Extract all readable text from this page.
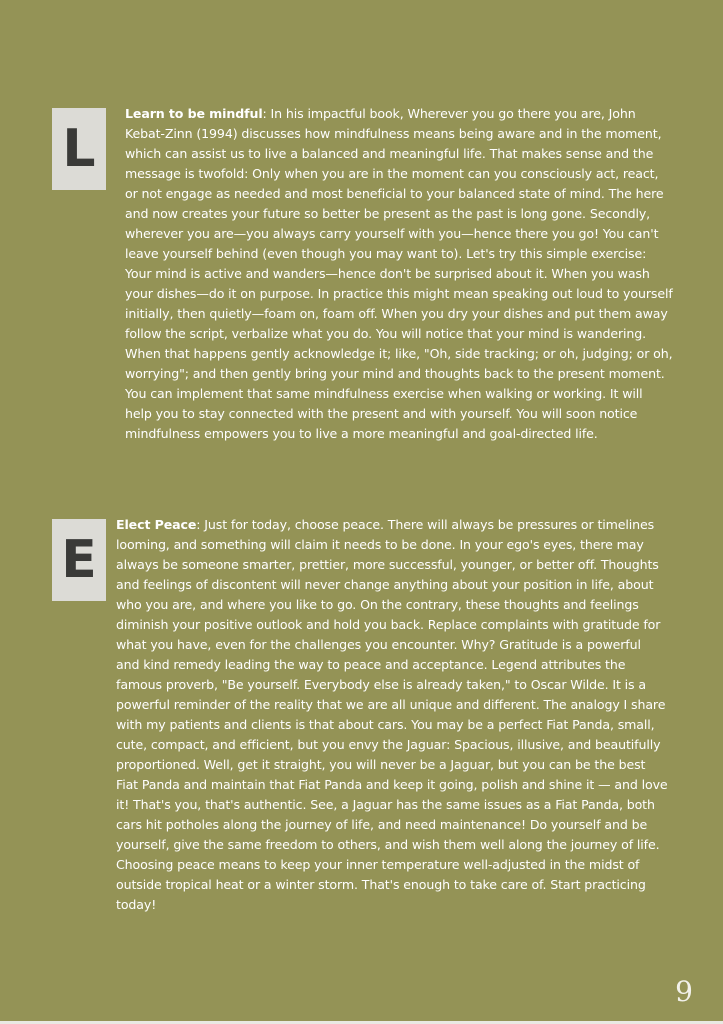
L

Learn to be mindful: In his impactful book, Wherever you go there you are, John Kebat-Zinn (1994) discusses how mindfulness means being aware and in the moment, which can assist us to live a balanced and meaningful life. That makes sense and the message is twofold: Only when you are in the moment can you consciously act, react, or not engage as needed and most beneficial to your balanced state of mind. The here and now creates your future so better be present as the past is long gone. Secondly, wherever you are—you always carry yourself with you—hence there you go! You can't leave yourself behind (even though you may want to). Let's try this simple exercise: Your mind is active and wanders—hence don't be surprised about it. When you wash your dishes—do it on purpose. In practice this might mean speaking out loud to yourself initially, then quietly—foam on, foam off. When you dry your dishes and put them away follow the script, verbalize what you do. You will notice that your mind is wandering. When that happens gently acknowledge it; like, "Oh, side tracking; or oh, judging; or oh, worrying"; and then gently bring your mind and thoughts back to the present moment. You can implement that same mindfulness exercise when walking or working. It will help you to stay connected with the present and with yourself. You will soon notice mindfulness empowers you to live a more meaningful and goal-directed life.

E

Elect Peace: Just for today, choose peace. There will always be pressures or timelines looming, and something will claim it needs to be done. In your ego's eyes, there may always be someone smarter, prettier, more successful, younger, or better off. Thoughts and feelings of discontent will never change anything about your position in life, about who you are, and where you like to go. On the contrary, these thoughts and feelings diminish your positive outlook and hold you back. Replace complaints with gratitude for what you have, even for the challenges you encounter. Why? Gratitude is a powerful and kind remedy leading the way to peace and acceptance. Legend attributes the famous proverb, "Be yourself. Everybody else is already taken," to Oscar Wilde. It is a powerful reminder of the reality that we are all unique and different. The analogy I share with my patients and clients is that about cars. You may be a perfect Fiat Panda, small, cute, compact, and efficient, but you envy the Jaguar: Spacious, illusive, and beautifully proportioned. Well, get it straight, you will never be a Jaguar, but you can be the best Fiat Panda and maintain that Fiat Panda and keep it going, polish and shine it — and love it! That's you, that's authentic. See, a Jaguar has the same issues as a Fiat Panda, both cars hit potholes along the journey of life, and need maintenance! Do yourself and be yourself, give the same freedom to others, and wish them well along the journey of life. Choosing peace means to keep your inner temperature well-adjusted in the midst of outside tropical heat or a winter storm. That's enough to take care of. Start practicing today!

9
